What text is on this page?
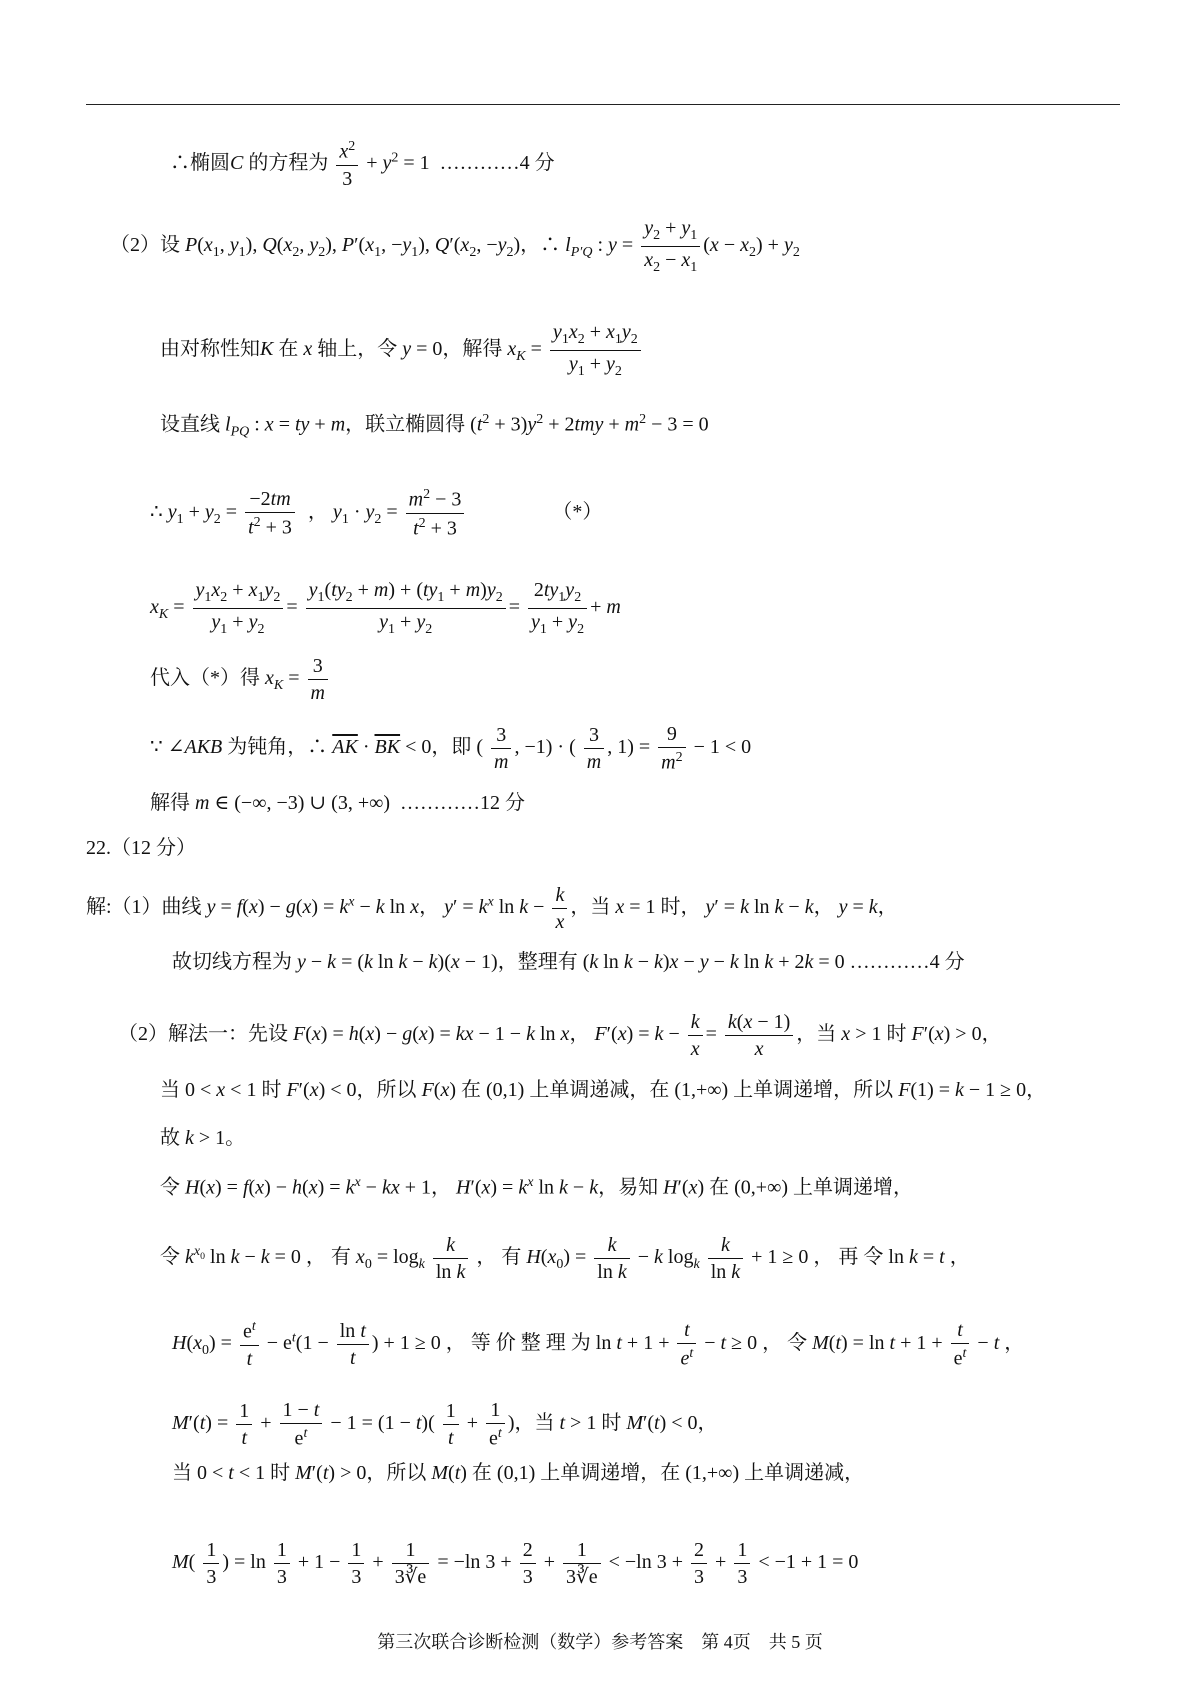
∴椭圆C 的方程为 $\frac{x^2}{3} + y^2 = 1$  …………4 分
（2）设 $P(x_1$, $y_1$), $Q(x_2$, $y_2$), $P'(x_1$, $-y_1$), $Q'(x_2$, $-y_2$)，∴ $l_{P'Q}$ : $y = \frac{y_2 + y_1}{x_2 - x_1} (x - x_2) + y_2$
由对称性知K 在 x 轴上，令 y = 0，解得 $x_K = \frac{y_1x_2 + x_1y_2}{y_1 + y_2}$
设直线 $l_{PQ}$ : x = ty + m，联立椭圆得 $(t^2 + 3)y^2 + 2tmy + m^2 - 3 = 0$
∴ $y_1 + y_2 = \frac{-2tm}{t^2 + 3}$ ， $y_1 \cdot y_2 = \frac{m^2 - 3}{t^2 + 3}$	（*）
$x_K = \frac{y_1x_2 + x_1y_2}{y_1 + y_2} = \frac{y_1(ty_2 + m) + (ty_1 + m)y_2}{y_1 + y_2} = \frac{2ty_1y_2}{y_1 + y_2} + m$
代入（*）得 $x_K = \frac{3}{m}$
∵ ∠AKB 为钝角，∴ $\overline{AK} \cdot \overline{BK} < 0$，即 ( $\frac{3}{m}$ , −1) · ( $\frac{3}{m}$ , $1) = \frac{9}{m^2} - 1 < 0$
解得 m ∈ (−∞, −3) ∪ (3, +∞)  …………12 分
22.（12 分）
解:（1）曲线 $y = f(x) - g(x) = k^x - k$ ln x， $y' = k^x$ $\ln k - \frac{k}{x}$ ，当 x = 1 时， y′ = k ln k − k， y = k，
故切线方程为 y − k = (k ln k − k)(x − 1)，整理有 (k ln k − k)x − y − k ln k + 2k = 0 …………4 分
（2）解法一：先设 F(x) = h(x) − g(x) = kx − 1 − k ln x， $F'(x) = k - \frac{k}{x} = \frac{k(x - 1)}{x}$ ，当 x > 1 时 F′(x) > 0，
当 0 < x < 1 时 F′(x) < 0，所以 F(x) 在 (0,1) 上单调递减，在 (1,+∞) 上单调递增，所以 F(1) = k − 1 ≥ 0，
故 k > 1。
令 $H(x) = f(x) - h(x) = k^x$ − kx + 1， $H'(x) = k^x$ ln k − k，易知 H′(x) 在 (0,+∞) 上单调递增，
令 $k^{x_0}$ ln k − k = 0 ， 有 $x_0 = \log_k \frac{k}{\text{ln k}}$ ， 有 $H(x_0) = \frac{k}{\text{ln k}} - k$ $\log_k \frac{k}{\text{ln k}} + 1 \ge 0$ ， 再 令 ln k = t ，
$H(x_0) = \frac{e^t}{t} - e^t(1 - \frac{\text{ln t}}{t}$ ) + 1 ≥ 0 ， 等 价 整 理 为 $\ln t + 1 + \frac{t}{e^t} - t \ge 0$ ， 令 $M(t) = \ln t + 1 + \frac{t}{e^t} - t$ ，
$M'(t) = \frac{1}{t} + \frac{1 - t}{e^t} - 1 = (1 - t)( \frac{1}{t} + \frac{1}{e^t}$ )，当 t > 1 时 M′(t) < 0，
当 0 < t < 1 时 M′(t) > 0，所以 M(t) 在 (0,1) 上单调递增，在 (1,+∞) 上单调递减，
$M( \frac{1}{3}$ ) = $\ln \frac{1}{3} + 1 - \frac{1}{3} + \frac{1}{3∛e} = -\ln$ $3 + \frac{2}{3} + \frac{1}{3∛e} < -\ln$ $3 + \frac{2}{3} + \frac{1}{3} < -1 + 1 = 0$
第三次联合诊断检测（数学）参考答案　第 4页　共 5 页
